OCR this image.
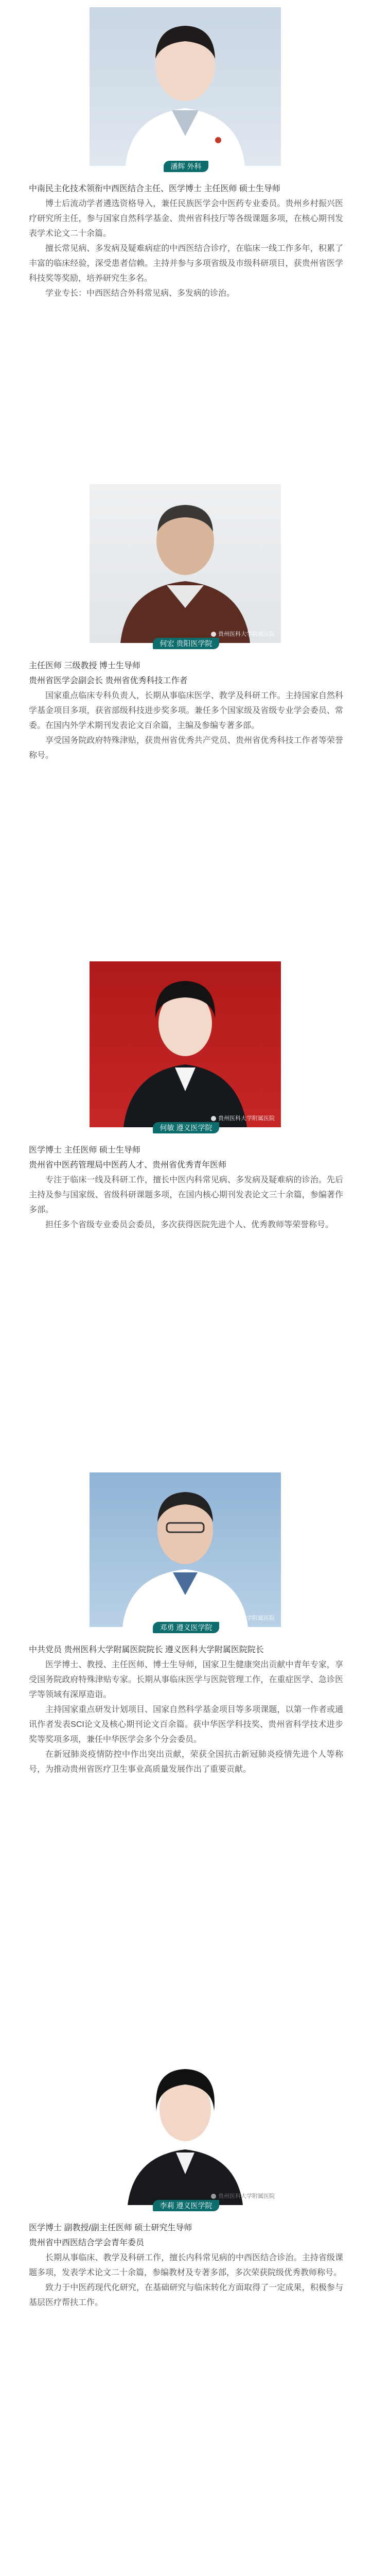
潘辉 外科

中南民主化技术领衔中西医结合主任、医学博士 主任医师 硕士生导师

博士后流动学者遴选资格导入，兼任民族医学会中医药专业委员。贵州乡村振兴医疗研究所主任，参与国家自然科学基金、贵州省科技厅等各级课题多项，在核心期刊发表学术论文二十余篇。

擅长常见病、多发病及疑难病症的中西医结合诊疗，在临床一线工作多年，积累了丰富的临床经验，深受患者信赖。主持并参与多项省级及市级科研项目，获贵州省医学科技奖等奖励，培养研究生多名。

学业专长：中西医结合外科常见病、多发病的诊治。

贵州医科大学附属医院
何宏 贵阳医学院

主任医师 三级教授 博士生导师

贵州省医学会副会长 贵州省优秀科技工作者

国家重点临床专科负责人，长期从事临床医学、教学及科研工作。主持国家自然科学基金项目多项，获省部级科技进步奖多项。兼任多个国家级及省级专业学会委员、常委。在国内外学术期刊发表论文百余篇，主编及参编专著多部。

享受国务院政府特殊津贴，获贵州省优秀共产党员、贵州省优秀科技工作者等荣誉称号。

贵州医科大学附属医院
何敏 遵义医学院

医学博士 主任医师 硕士生导师

贵州省中医药管理局中医药人才、贵州省优秀青年医师

专注于临床一线及科研工作，擅长中医内科常见病、多发病及疑难病的诊治。先后主持及参与国家级、省级科研课题多项，在国内核心期刊发表论文三十余篇，参编著作多部。

担任多个省级专业委员会委员，多次获得医院先进个人、优秀教师等荣誉称号。

贵州医科大学附属医院
邓勇 遵义医学院

中共党员 贵州医科大学附属医院院长 遵义医科大学附属医院院长

医学博士、教授、主任医师、博士生导师，国家卫生健康突出贡献中青年专家，享受国务院政府特殊津贴专家。长期从事临床医学与医院管理工作，在重症医学、急诊医学等领域有深厚造诣。

主持国家重点研发计划项目、国家自然科学基金项目等多项课题，以第一作者或通讯作者发表SCI论文及核心期刊论文百余篇。获中华医学科技奖、贵州省科学技术进步奖等奖项多项，兼任中华医学会多个分会委员。

在新冠肺炎疫情防控中作出突出贡献，荣获全国抗击新冠肺炎疫情先进个人等称号，为推动贵州省医疗卫生事业高质量发展作出了重要贡献。

贵州医科大学附属医院
李莉 遵义医学院

医学博士 副教授/副主任医师 硕士研究生导师

贵州省中西医结合学会青年委员

长期从事临床、教学及科研工作，擅长内科常见病的中西医结合诊治。主持省级课题多项，发表学术论文二十余篇，参编教材及专著多部，多次荣获院级优秀教师称号。

致力于中医药现代化研究，在基础研究与临床转化方面取得了一定成果，积极参与基层医疗帮扶工作。
